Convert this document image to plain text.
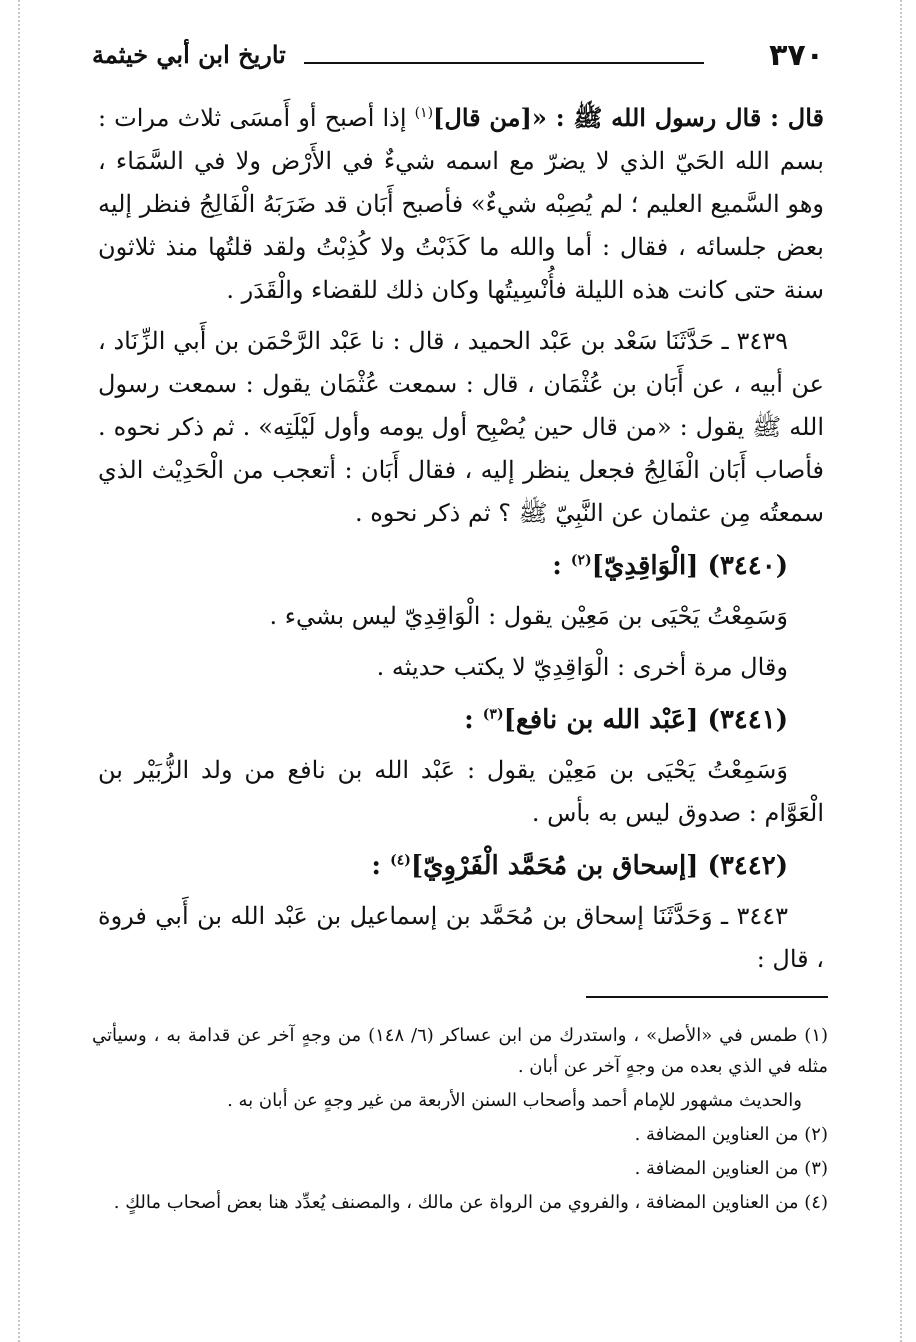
٣٧٠
تاريخ ابن أبي خيثمة

قال : قال رسول الله ﷺ : «[من قال]$^{(١)}$ إذا أصبح أو أَمسَى ثلاث مرات : بسم الله الحَيّ الذي لا يضرّ مع اسمه شيءٌ في الأَرْض ولا في السَّمَاء ، وهو السَّميع العليم ؛ لم يُصِبْه شيءٌ» فأصبح أَبَان قد ضَرَبَهُ الْفَالِجُ فنظر إليه بعض جلسائه ، فقال : أما والله ما كَذَبْتُ ولا كُذِبْتُ ولقد قلتُها منذ ثلاثون سنة حتى كانت هذه الليلة فأُنْسِيتُها وكان ذلك للقضاء والْقَدَر .

٣٤٣٩ ـ حَدَّثَنَا سَعْد بن عَبْد الحميد ، قال : نا عَبْد الرَّحْمَن بن أَبي الزِّنَاد ، عن أبيه ، عن أَبَان بن عُثْمَان ، قال : سمعت عُثْمَان يقول : سمعت رسول الله ﷺ يقول : «من قال حين يُصْبِح أول يومه وأول لَيْلَتِه» . ثم ذكر نحوه . فأصاب أَبَان الْفَالِجُ فجعل ينظر إليه ، فقال أَبَان : أتعجب من الْحَدِيْث الذي سمعتُه مِن عثمان عن النَّبِيّ ﷺ ؟ ثم ذكر نحوه .

(٣٤٤٠) [الْوَاقِدِيّ]$^{(٢)}$ :

وَسَمِعْتُ يَحْيَى بن مَعِيْن يقول : الْوَاقِدِيّ ليس بشيء .

وقال مرة أخرى : الْوَاقِدِيّ لا يكتب حديثه .

(٣٤٤١) [عَبْد الله بن نافع]$^{(٣)}$ :

وَسَمِعْتُ يَحْيَى بن مَعِيْن يقول : عَبْد الله بن نافع من ولد الزُّبَيْر بن الْعَوَّام : صدوق ليس به بأس .

(٣٤٤٢) [إسحاق بن مُحَمَّد الْفَرْوِيّ]$^{(٤)}$ :

٣٤٤٣ ـ وَحَدَّثَنَا إسحاق بن مُحَمَّد بن إسماعيل بن عَبْد الله بن أَبي فروة ، قال :

(١) طمس في «الأصل» ، واستدرك من ابن عساكر (٦/ ١٤٨) من وجهٍ آخر عن قدامة به ، وسيأتي مثله في الذي بعده من وجهٍ آخر عن أبان .

والحديث مشهور للإمام أحمد وأصحاب السنن الأربعة من غير وجهٍ عن أبان به .

(٢) من العناوين المضافة .

(٣) من العناوين المضافة .

(٤) من العناوين المضافة ، والفروي من الرواة عن مالك ، والمصنف يُعدِّد هنا بعض أصحاب مالكٍ .
